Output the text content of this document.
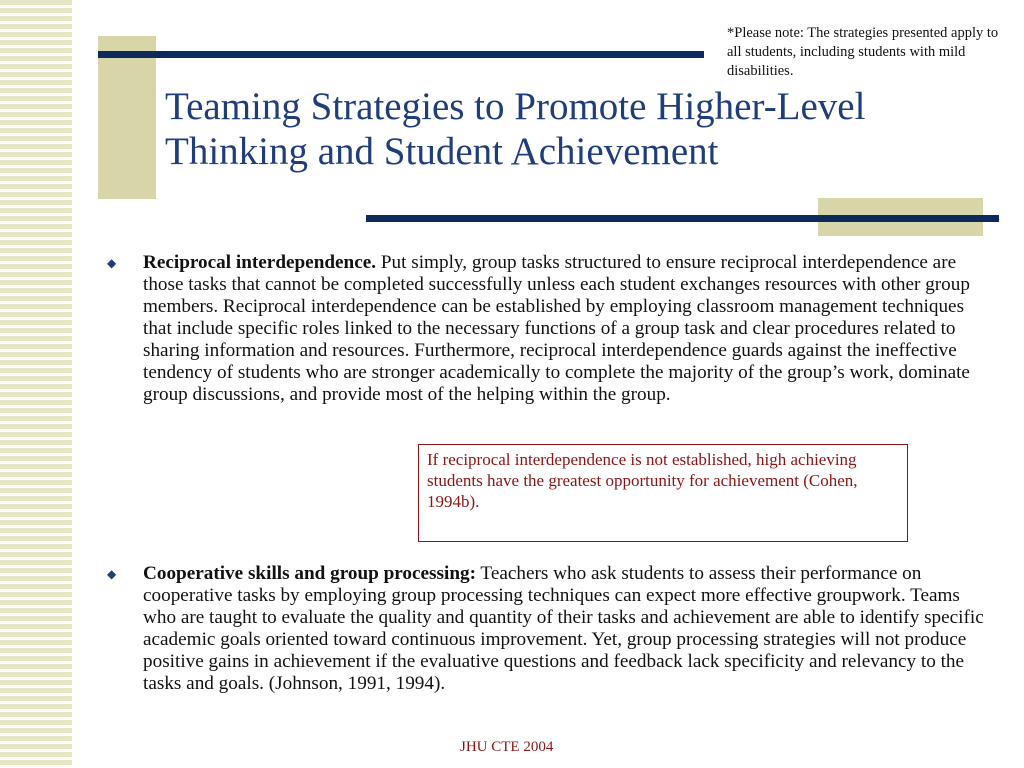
*Please note: The strategies presented apply to all students, including students with mild disabilities.
Teaming Strategies to Promote Higher-Level Thinking and Student Achievement
◆ Reciprocal interdependence. Put simply, group tasks structured to ensure reciprocal interdependence are those tasks that cannot be completed successfully unless each student exchanges resources with other group members. Reciprocal interdependence can be established by employing classroom management techniques that include specific roles linked to the necessary functions of a group task and clear procedures related to sharing information and resources. Furthermore, reciprocal interdependence guards against the ineffective tendency of students who are stronger academically to complete the majority of the group’s work, dominate group discussions, and provide most of the helping within the group.
If reciprocal interdependence is not established, high achieving students have the greatest opportunity for achievement (Cohen, 1994b).
◆ Cooperative skills and group processing: Teachers who ask students to assess their performance on cooperative tasks by employing group processing techniques can expect more effective groupwork. Teams who are taught to evaluate the quality and quantity of their tasks and achievement are able to identify specific academic goals oriented toward continuous improvement. Yet, group processing strategies will not produce positive gains in achievement if the evaluative questions and feedback lack specificity and relevancy to the tasks and goals. (Johnson, 1991, 1994).
JHU CTE 2004
